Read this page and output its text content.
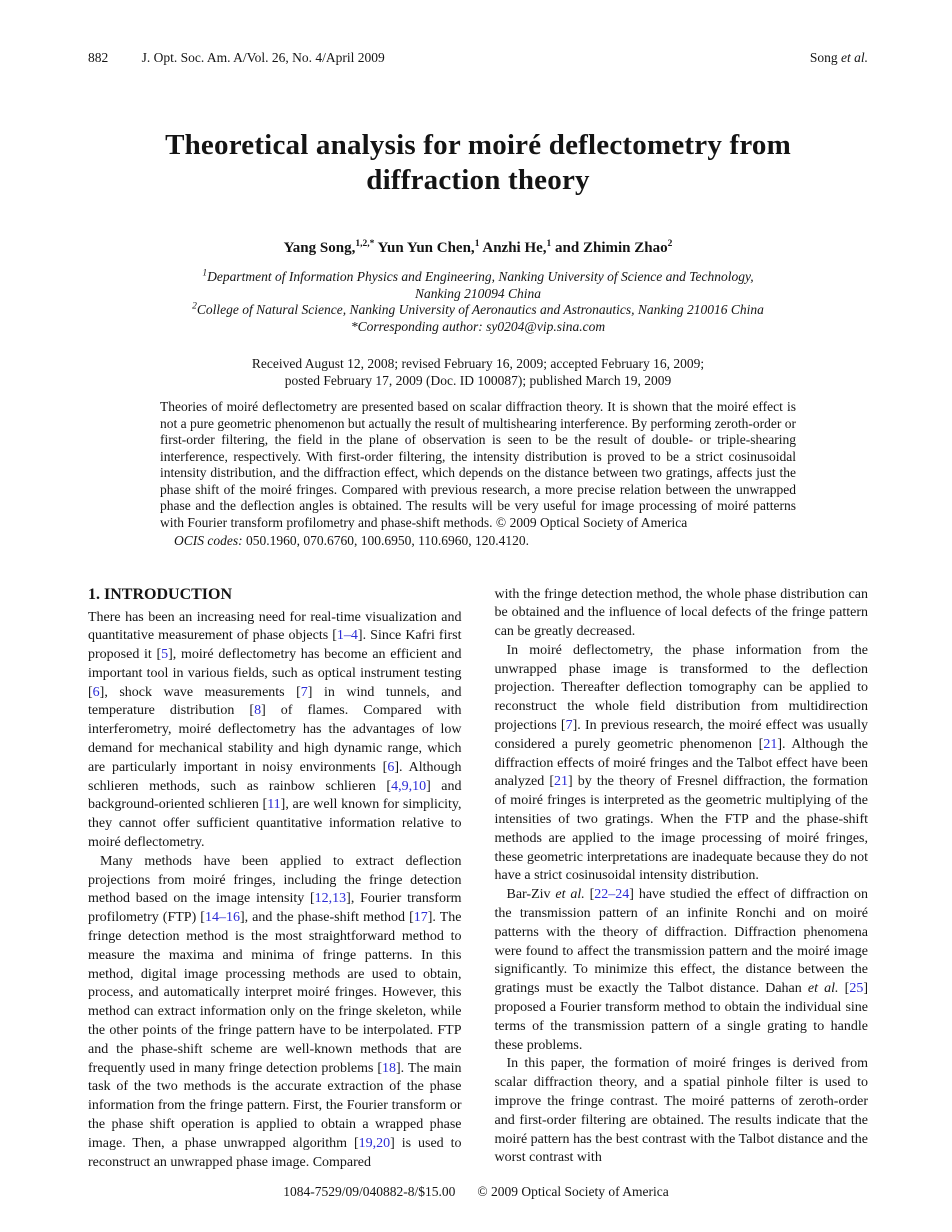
882 J. Opt. Soc. Am. A/Vol. 26, No. 4/April 2009	Song et al.
Theoretical analysis for moiré deflectometry from
diffraction theory
Yang Song,$^{1,2,*}$ Yun Yun Chen,$^1$ Anzhi He,$^1$ and Zhimin Zhao$^2$
$^1$Department of Information Physics and Engineering, Nanking University of Science and Technology,
Nanking 210094 China
$^2$College of Natural Science, Nanking University of Aeronautics and Astronautics, Nanking 210016 China
*Corresponding author: sy0204@vip.sina.com
Received August 12, 2008; revised February 16, 2009; accepted February 16, 2009;
posted February 17, 2009 (Doc. ID 100087); published March 19, 2009
Theories of moiré deflectometry are presented based on scalar diffraction theory. It is shown that the moiré effect is not a pure geometric phenomenon but actually the result of multishearing interference. By performing zeroth-order or first-order filtering, the field in the plane of observation is seen to be the result of double- or triple-shearing interference, respectively. With first-order filtering, the intensity distribution is proved to be a strict cosinusoidal intensity distribution, and the diffraction effect, which depends on the distance between two gratings, affects just the phase shift of the moiré fringes. Compared with previous research, a more precise relation between the unwrapped phase and the deflection angles is obtained. The results will be very useful for image processing of moiré patterns with Fourier transform profilometry and phase-shift methods. © 2009 Optical Society of America
OCIS codes: 050.1960, 070.6760, 100.6950, 110.6960, 120.4120.
1. INTRODUCTION

There has been an increasing need for real-time visualization and quantitative measurement of phase objects [1–4]. Since Kafri first proposed it [5], moiré deflectometry has become an efficient and important tool in various fields, such as optical instrument testing [6], shock wave measurements [7] in wind tunnels, and temperature distribution [8] of flames. Compared with interferometry, moiré deflectometry has the advantages of low demand for mechanical stability and high dynamic range, which are particularly important in noisy environments [6]. Although schlieren methods, such as rainbow schlieren [4,9,10] and background-oriented schlieren [11], are well known for simplicity, they cannot offer sufficient quantitative information relative to moiré deflectometry.

Many methods have been applied to extract deflection projections from moiré fringes, including the fringe detection method based on the image intensity [12,13], Fourier transform profilometry (FTP) [14–16], and the phase-shift method [17]. The fringe detection method is the most straightforward method to measure the maxima and minima of fringe patterns. In this method, digital image processing methods are used to obtain, process, and automatically interpret moiré fringes. However, this method can extract information only on the fringe skeleton, while the other points of the fringe pattern have to be interpolated. FTP and the phase-shift scheme are well-known methods that are frequently used in many fringe detection problems [18]. The main task of the two methods is the accurate extraction of the phase information from the fringe pattern. First, the Fourier transform or the phase shift operation is applied to obtain a wrapped phase image. Then, a phase unwrapped algorithm [19,20] is used to reconstruct an unwrapped phase image. Compared

with the fringe detection method, the whole phase distribution can be obtained and the influence of local defects of the fringe pattern can be greatly decreased.

In moiré deflectometry, the phase information from the unwrapped phase image is transformed to the deflection projection. Thereafter deflection tomography can be applied to reconstruct the whole field distribution from multidirection projections [7]. In previous research, the moiré effect was usually considered a purely geometric phenomenon [21]. Although the diffraction effects of moiré fringes and the Talbot effect have been analyzed [21] by the theory of Fresnel diffraction, the formation of moiré fringes is interpreted as the geometric multiplying of the intensities of two gratings. When the FTP and the phase-shift methods are applied to the image processing of moiré fringes, these geometric interpretations are inadequate because they do not have a strict cosinusoidal intensity distribution.

Bar-Ziv et al. [22–24] have studied the effect of diffraction on the transmission pattern of an infinite Ronchi and on moiré patterns with the theory of diffraction. Diffraction phenomena were found to affect the transmission pattern and the moiré image significantly. To minimize this effect, the distance between the gratings must be exactly the Talbot distance. Dahan et al. [25] proposed a Fourier transform method to obtain the individual sine terms of the transmission pattern of a single grating to handle these problems.

In this paper, the formation of moiré fringes is derived from scalar diffraction theory, and a spatial pinhole filter is used to improve the fringe contrast. The moiré patterns of zeroth-order and first-order filtering are obtained. The results indicate that the moiré pattern has the best contrast with the Talbot distance and the worst contrast with

1084-7529/09/040882-8/$15.00 © 2009 Optical Society of America
